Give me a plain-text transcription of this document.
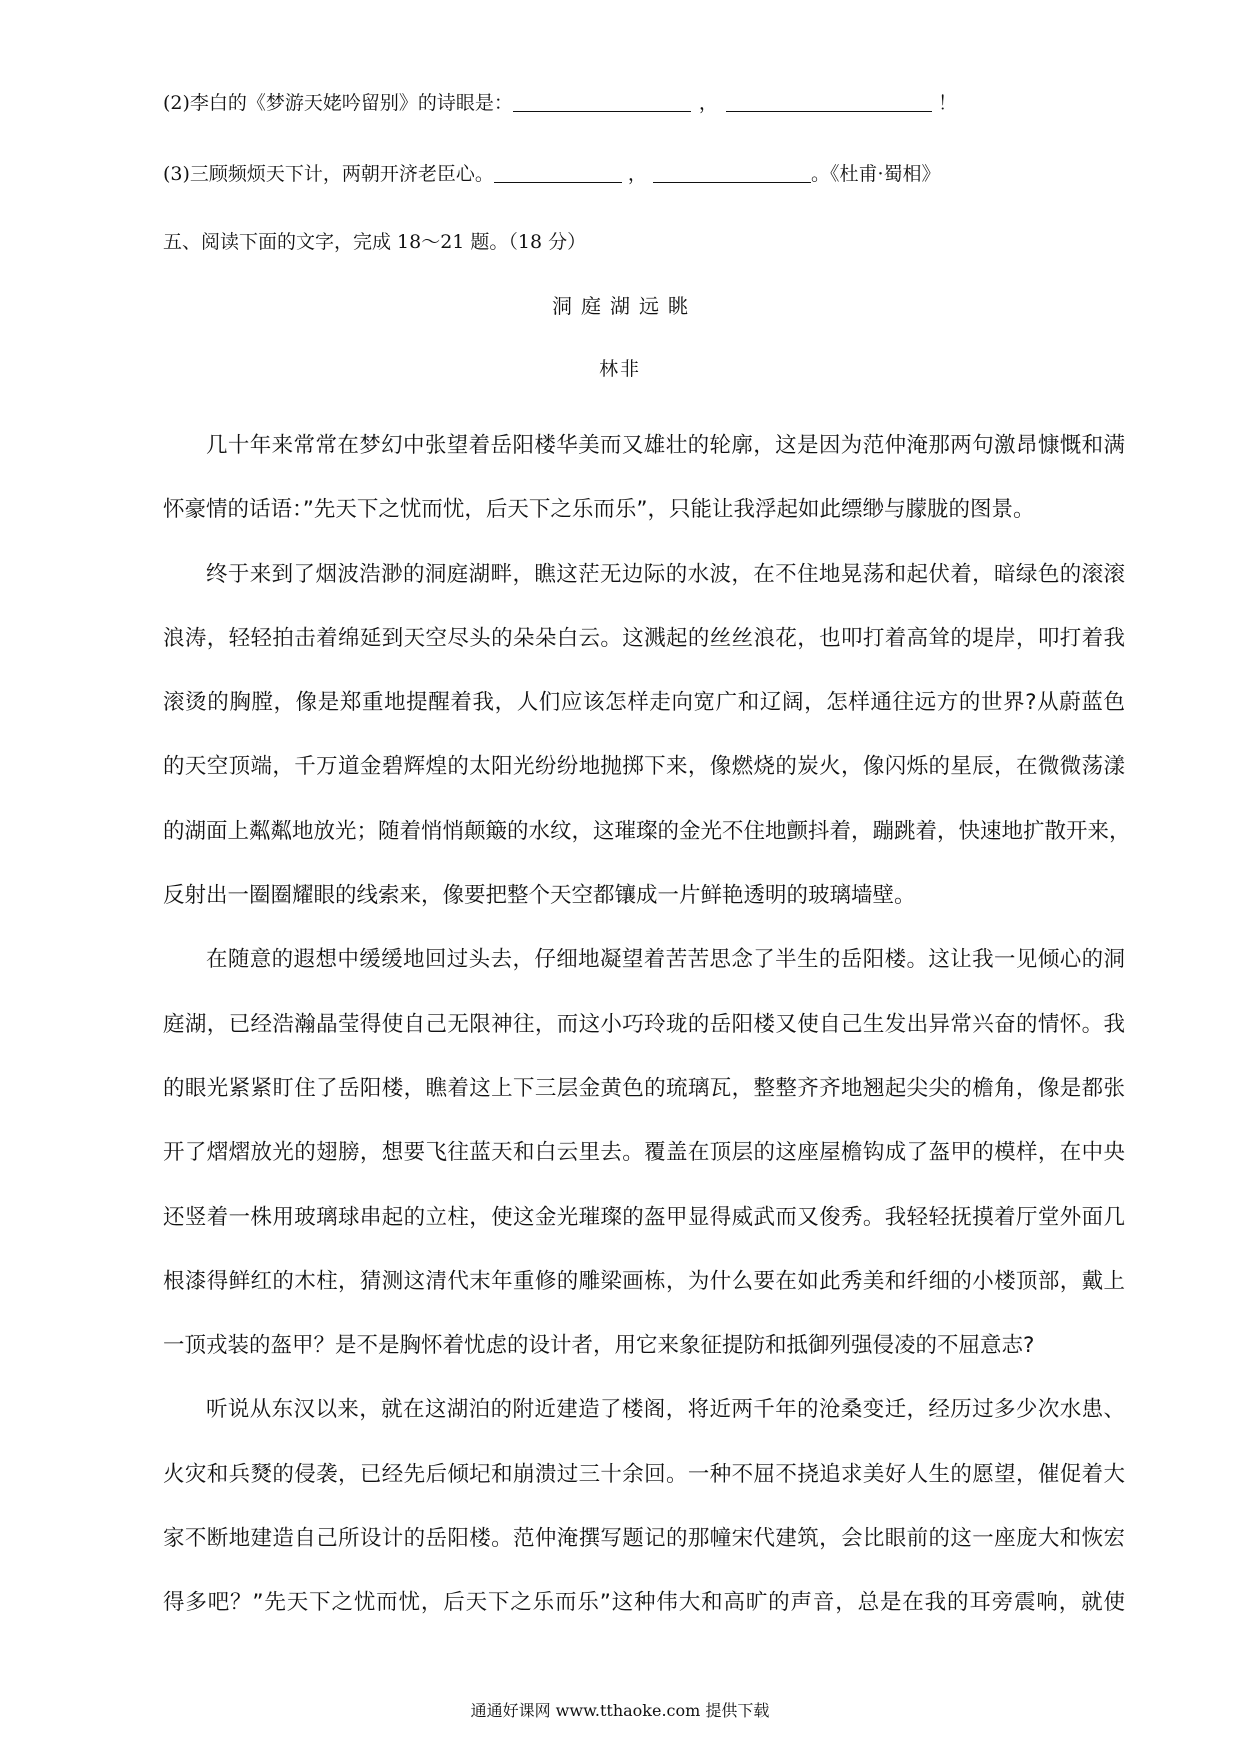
(2)李白的《梦游天姥吟留别》的诗眼是：	，	！
(3)三顾频烦天下计，两朝开济老臣心。	，	。《杜甫·蜀相》
五、阅读下面的文字，完成 18～21 题。（18 分）
洞庭湖远眺
林非
几十年来常常在梦幻中张望着岳阳楼华美而又雄壮的轮廓，这是因为范仲淹那两句激昂慷慨和满
怀豪情的话语：”先天下之忧而忧，后天下之乐而乐”，只能让我浮起如此缥缈与朦胧的图景。
终于来到了烟波浩渺的洞庭湖畔，瞧这茫无边际的水波，在不住地晃荡和起伏着，暗绿色的滚滚
浪涛，轻轻拍击着绵延到天空尽头的朵朵白云。这溅起的丝丝浪花，也叩打着高耸的堤岸，叩打着我
滚烫的胸膛，像是郑重地提醒着我，人们应该怎样走向宽广和辽阔，怎样通往远方的世界?从蔚蓝色
的天空顶端，千万道金碧辉煌的太阳光纷纷地抛掷下来，像燃烧的炭火，像闪烁的星辰，在微微荡漾
的湖面上粼粼地放光；随着悄悄颠簸的水纹，这璀璨的金光不住地颤抖着，蹦跳着，快速地扩散开来，
反射出一圈圈耀眼的线索来，像要把整个天空都镶成一片鲜艳透明的玻璃墙壁。
在随意的遐想中缓缓地回过头去，仔细地凝望着苦苦思念了半生的岳阳楼。这让我一见倾心的洞
庭湖，已经浩瀚晶莹得使自己无限神往，而这小巧玲珑的岳阳楼又使自己生发出异常兴奋的情怀。我
的眼光紧紧盯住了岳阳楼，瞧着这上下三层金黄色的琉璃瓦，整整齐齐地翘起尖尖的檐角，像是都张
开了熠熠放光的翅膀，想要飞往蓝天和白云里去。覆盖在顶层的这座屋檐钩成了盔甲的模样，在中央
还竖着一株用玻璃球串起的立柱，使这金光璀璨的盔甲显得威武而又俊秀。我轻轻抚摸着厅堂外面几
根漆得鲜红的木柱，猜测这清代末年重修的雕梁画栋，为什么要在如此秀美和纤细的小楼顶部，戴上
一顶戎装的盔甲？是不是胸怀着忧虑的设计者，用它来象征提防和抵御列强侵凌的不屈意志?
听说从东汉以来，就在这湖泊的附近建造了楼阁，将近两千年的沧桑变迁，经历过多少次水患、
火灾和兵燹的侵袭，已经先后倾圮和崩溃过三十余回。一种不屈不挠追求美好人生的愿望，催促着大
家不断地建造自己所设计的岳阳楼。范仲淹撰写题记的那幢宋代建筑，会比眼前的这一座庞大和恢宏
得多吧？”先天下之忧而忧，后天下之乐而乐”这种伟大和高旷的声音，总是在我的耳旁震响，就使
通通好课网 www.tthaoke.com 提供下载
